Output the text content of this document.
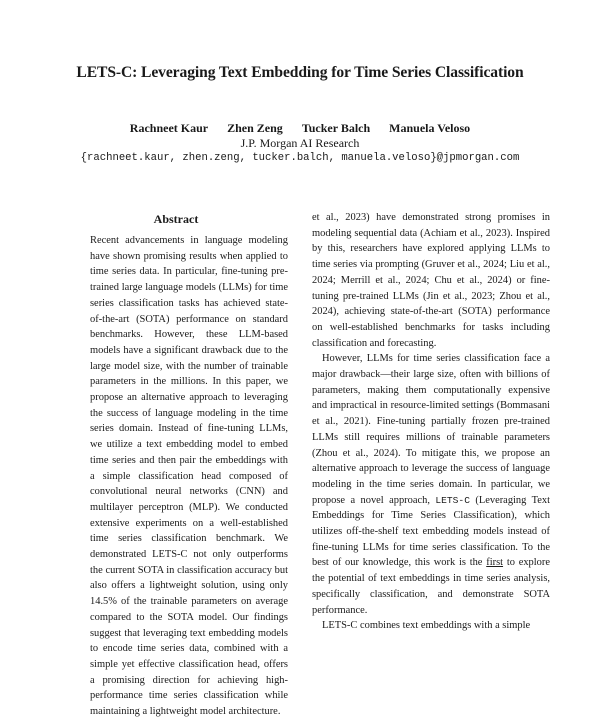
LETS-C: Leveraging Text Embedding for Time Series Classification
Rachneet Kaur Zhen Zeng Tucker Balch Manuela Veloso
J.P. Morgan AI Research
{rachneet.kaur, zhen.zeng, tucker.balch, manuela.veloso}@jpmorgan.com
Abstract

Recent advancements in language modeling have shown promising results when applied to time series data. In particular, fine-tuning pretrained large language models (LLMs) for time series classification tasks has achieved state-of-the-art (SOTA) performance on standard benchmarks. However, these LLM-based models have a significant drawback due to the large model size, with the number of trainable parameters in the millions. In this paper, we propose an alternative approach to leveraging the success of language modeling in the time series domain. Instead of fine-tuning LLMs, we utilize a text embedding model to embed time series and then pair the embeddings with a simple classification head composed of convolutional neural networks (CNN) and multilayer perceptron (MLP). We conducted extensive experiments on a well-established time series classification benchmark. We demonstrated LETS-C not only outperforms the current SOTA in classification accuracy but also offers a lightweight solution, using only 14.5% of the trainable parameters on average compared to the SOTA model. Our findings suggest that leveraging text embedding models to encode time series data, combined with a simple yet effective classification head, offers a promising direction for achieving high-performance time series classification while maintaining a lightweight model architecture.

et al., 2023) have demonstrated strong promises in modeling sequential data (Achiam et al., 2023). Inspired by this, researchers have explored applying LLMs to time series via prompting (Gruver et al., 2024; Liu et al., 2024; Merrill et al., 2024; Chu et al., 2024) or fine-tuning pre-trained LLMs (Jin et al., 2023; Zhou et al., 2024), achieving state-of-the-art (SOTA) performance on well-established benchmarks for tasks including classification and forecasting.

However, LLMs for time series classification face a major drawback—their large size, often with billions of parameters, making them computationally expensive and impractical in resource-limited settings (Bommasani et al., 2021). Fine-tuning partially frozen pre-trained LLMs still requires millions of trainable parameters (Zhou et al., 2024). To mitigate this, we propose an alternative approach to leverage the success of language modeling in the time series domain. In particular, we propose a novel approach, LETS-C (Leveraging Text Embeddings for Time Series Classification), which utilizes off-the-shelf text embedding models instead of fine-tuning LLMs for time series classification. To the best of our knowledge, this work is the first to explore the potential of text embeddings in time series analysis, specifically classification, and demonstrate SOTA performance.

LETS-C combines text embeddings with a simple
